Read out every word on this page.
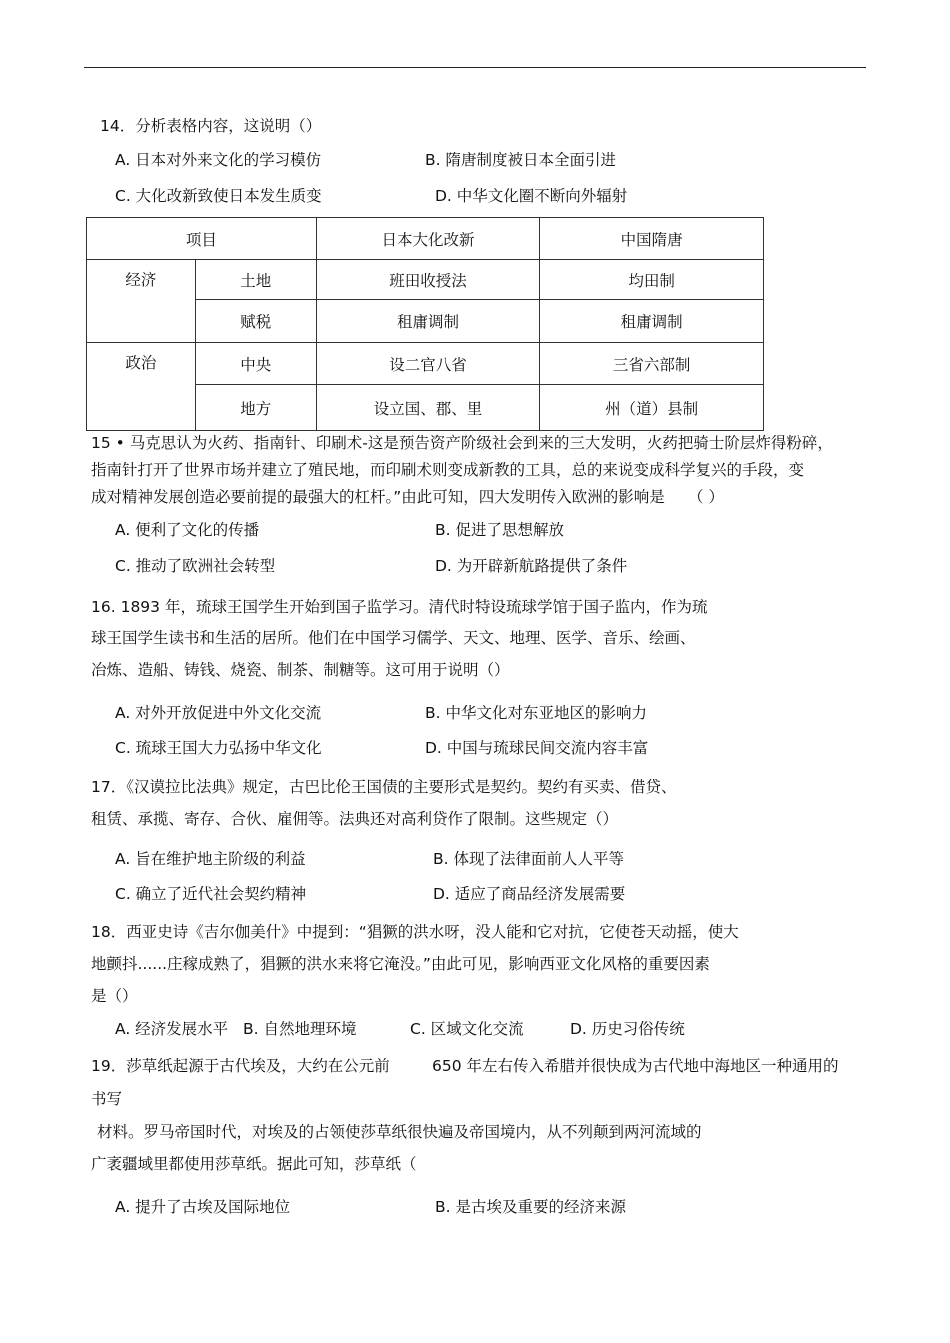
14．分析表格内容，这说明（）
A. 日本对外来文化的学习模仿	B. 隋唐制度被日本全面引进
C. 大化改新致使日本发生质变	D. 中华文化圈不断向外辐射
项目		日本大化改新	中国隋唐
经济	土地	班田收授法	均田制
	赋税	租庸调制	租庸调制
政治	中央	设二官八省	三省六部制
	地方	设立国、郡、里	州（道）县制
15 • 马克思认为火药、指南针、印刷术-这是预告资产阶级社会到来的三大发明，火药把骑士阶层炸得粉碎，
指南针打开了世界市场并建立了殖民地，而印刷术则变成新教的工具，总的来说变成科学复兴的手段，变
成对精神发展创造必要前提的最强大的杠杆。”由此可知，四大发明传入欧洲的影响是　　（ ）
A. 便利了文化的传播	B. 促进了思想解放
C. 推动了欧洲社会转型	D. 为开辟新航路提供了条件
16. 1893 年，琉球王国学生开始到国子监学习。清代时特设琉球学馆于国子监内，作为琉
球王国学生读书和生活的居所。他们在中国学习儒学、天文、地理、医学、音乐、绘画、
冶炼、造船、铸钱、烧瓷、制茶、制糖等。这可用于说明（）
A. 对外开放促进中外文化交流	B. 中华文化对东亚地区的影响力
C. 琉球王国大力弘扬中华文化	D. 中国与琉球民间交流内容丰富
17．《汉谟拉比法典》规定，古巴比伦王国债的主要形式是契约。契约有买卖、借贷、
租赁、承揽、寄存、合伙、雇佣等。法典还对高利贷作了限制。这些规定（）
A. 旨在维护地主阶级的利益	B. 体现了法律面前人人平等
C. 确立了近代社会契约精神	D. 适应了商品经济发展需要
18．西亚史诗《吉尔伽美什》中提到：“猖獗的洪水呀，没人能和它对抗，它使苍天动摇，使大
地颤抖......庄稼成熟了，猖獗的洪水来将它淹没。”由此可见，影响西亚文化风格的重要因素
是（）
A. 经济发展水平 B. 自然地理环境	C. 区域文化交流	D. 历史习俗传统
19．莎草纸起源于古代埃及，大约在公元前	650 年左右传入希腊并很快成为古代地中海地区一种通用的
书写
材料。罗马帝国时代，对埃及的占领使莎草纸很快遍及帝国境内，从不列颠到两河流域的
广袤疆域里都使用莎草纸。据此可知，莎草纸（
A. 提升了古埃及国际地位	B. 是古埃及重要的经济来源
